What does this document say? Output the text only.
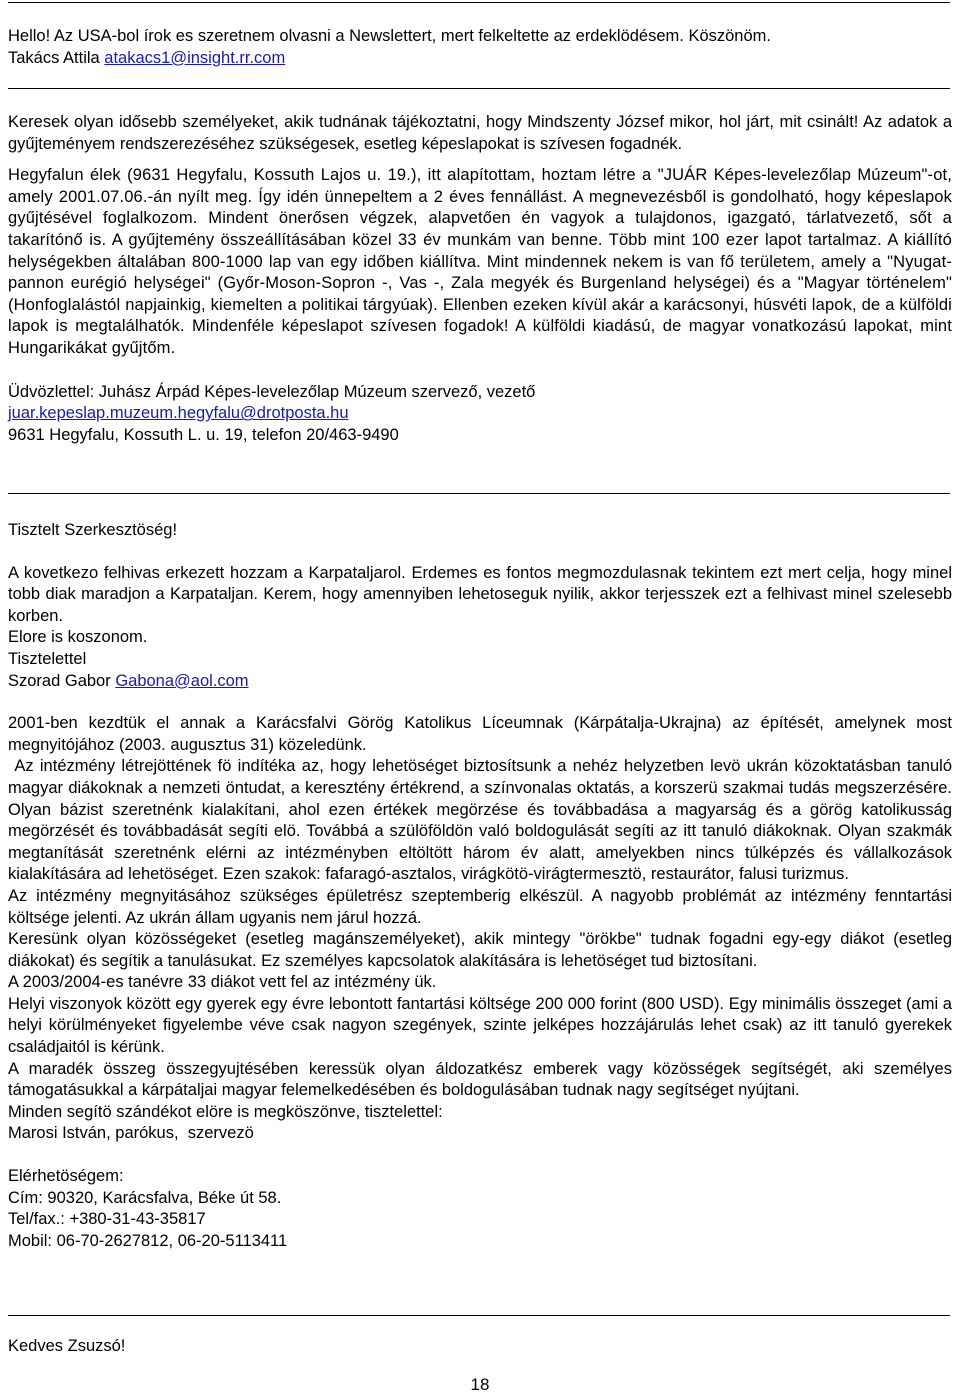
Hello! Az USA-bol írok es szeretnem olvasni a Newslettert, mert felkeltette az erdeklödésem. Köszönöm.

Takács Attila atakacs1@insight.rr.com

Keresek olyan idősebb személyeket, akik tudnának tájékoztatni, hogy Mindszenty József mikor, hol járt, mit csinált! Az adatok a gyűjteményem rendszerezéséhez szükségesek, esetleg képeslapokat is szívesen fogadnék.

Hegyfalun élek (9631 Hegyfalu, Kossuth Lajos u. 19.), itt alapítottam, hoztam létre a "JUÁR Képes-levelezőlap Múzeum"-ot, amely 2001.07.06.-án nyílt meg. Így idén ünnepeltem a 2 éves fennállást. A megnevezésből is gondolható, hogy képeslapok gyűjtésével foglalkozom. Mindent önerősen végzek, alapvetően én vagyok a tulajdonos, igazgató, tárlatvezető, sőt a takarítónő is. A gyűjtemény összeállításában közel 33 év munkám van benne. Több mint 100 ezer lapot tartalmaz. A kiállító helységekben általában 800-1000 lap van egy időben kiállítva. Mint mindennek nekem is van fő területem, amely a "Nyugat-pannon eurégió helységei" (Győr-Moson-Sopron -, Vas -, Zala megyék és Burgenland helységei) és a "Magyar történelem" (Honfoglalástól napjainkig, kiemelten a politikai tárgyúak). Ellenben ezeken kívül akár a karácsonyi, húsvéti lapok, de a külföldi lapok is megtalálhatók. Mindenféle képeslapot szívesen fogadok! A külföldi kiadású, de magyar vonatkozású lapokat, mint Hungarikákat gyűjtőm.

Üdvözlettel: Juhász Árpád Képes-levelezőlap Múzeum szervező, vezető

juar.kepeslap.muzeum.hegyfalu@drotposta.hu

9631 Hegyfalu, Kossuth L. u. 19, telefon 20/463-9490

Tisztelt Szerkesztöség!

A kovetkezo felhivas erkezett hozzam a Karpataljarol. Erdemes es fontos megmozdulasnak tekintem ezt mert celja, hogy minel tobb diak maradjon a Karpataljan. Kerem, hogy amennyiben lehetoseguk nyilik, akkor terjesszek ezt a felhivast minel szelesebb korben.

Elore is koszonom.

Tisztelettel

Szorad Gabor Gabona@aol.com

2001-ben kezdtük el annak a Karácsfalvi Görög Katolikus Líceumnak (Kárpátalja-Ukrajna) az építését, amelynek most megnyitójához (2003. augusztus 31) közeledünk.

Az intézmény létrejöttének fö indítéka az, hogy lehetöséget biztosítsunk a nehéz helyzetben levö ukrán közoktatásban tanuló magyar diákoknak a nemzeti öntudat, a keresztény értékrend, a színvonalas oktatás, a korszerü szakmai tudás megszerzésére. Olyan bázist szeretnénk kialakítani, ahol ezen értékek megörzése és továbbadása a magyarság és a görög katolikusság megörzését és továbbadását segíti elö. Továbbá a szülöföldön való boldogulását segíti az itt tanuló diákoknak. Olyan szakmák megtanítását szeretnénk elérni az intézményben eltöltött három év alatt, amelyekben nincs túlképzés és vállalkozások kialakítására ad lehetöséget. Ezen szakok: fafaragó-asztalos, virágkötö-virágtermesztö, restaurátor, falusi turizmus.

Az intézmény megnyitásához szükséges épületrész szeptemberig elkészül. A nagyobb problémát az intézmény fenntartási költsége jelenti. Az ukrán állam ugyanis nem járul hozzá.

Keresünk olyan közösségeket (esetleg magánszemélyeket), akik mintegy "örökbe" tudnak fogadni egy-egy diákot (esetleg diákokat) és segítik a tanulásukat. Ez személyes kapcsolatok alakítására is lehetöséget tud biztosítani.

A 2003/2004-es tanévre 33 diákot vett fel az intézmény ük.

Helyi viszonyok között egy gyerek egy évre lebontott fantartási költsége 200 000 forint (800 USD). Egy minimális összeget (ami a helyi körülményeket figyelembe véve csak nagyon szegények, szinte jelképes hozzájárulás lehet csak) az itt tanuló gyerekek családjaitól is kérünk.

A maradék összeg összegyujtésében keressük olyan áldozatkész emberek vagy közösségek segítségét, aki személyes támogatásukkal a kárpátaljai magyar felemelkedésében és boldogulásában tudnak nagy segítséget nyújtani.

Minden segítö szándékot elöre is megköszönve, tisztelettel:

Marosi István, parókus,  szervezö

Elérhetöségem:

Cím: 90320, Karácsfalva, Béke út 58.

Tel/fax.: +380-31-43-35817

Mobil: 06-70-2627812, 06-20-5113411

Kedves Zsuzsó!

18
